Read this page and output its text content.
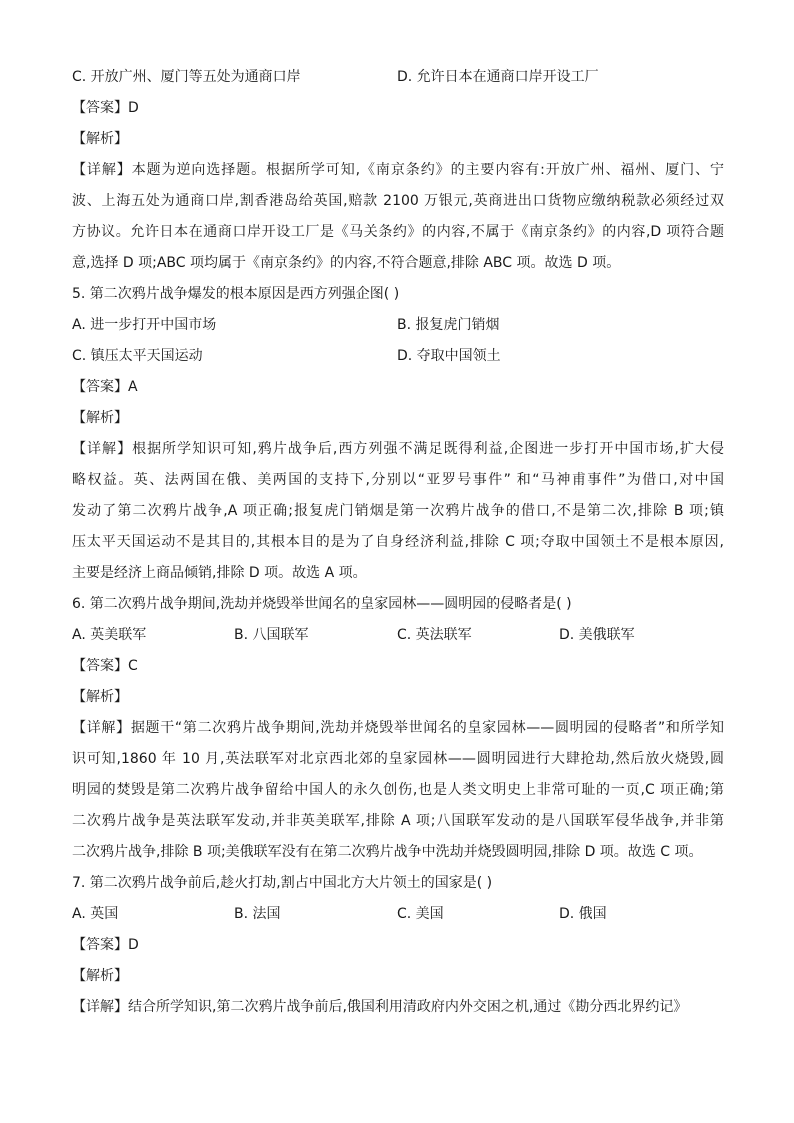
C. 开放广州、厦门等五处为通商口岸	D. 允许日本在通商口岸开设工厂
【答案】D
【解析】
【详解】本题为逆向选择题。根据所学可知,《南京条约》的主要内容有:开放广州、福州、厦门、宁
波、上海五处为通商口岸,割香港岛给英国,赔款 2100 万银元,英商进出口货物应缴纳税款必须经过双
方协议。允许日本在通商口岸开设工厂是《马关条约》的内容,不属于《南京条约》的内容,D 项符合题
意,选择 D 项;ABC 项均属于《南京条约》的内容,不符合题意,排除 ABC 项。故选 D 项。
5. 第二次鸦片战争爆发的根本原因是西方列强企图( )
A. 进一步打开中国市场	B. 报复虎门销烟
C. 镇压太平天国运动	D. 夺取中国领土
【答案】A
【解析】
【详解】根据所学知识可知,鸦片战争后,西方列强不满足既得利益,企图进一步打开中国市场,扩大侵
略权益。英、法两国在俄、美两国的支持下,分别以“亚罗号事件” 和“马神甫事件”为借口,对中国
发动了第二次鸦片战争,A 项正确;报复虎门销烟是第一次鸦片战争的借口,不是第二次,排除 B 项;镇
压太平天国运动不是其目的,其根本目的是为了自身经济利益,排除 C 项;夺取中国领土不是根本原因,
主要是经济上商品倾销,排除 D 项。故选 A 项。
6. 第二次鸦片战争期间,洗劫并烧毁举世闻名的皇家园林——圆明园的侵略者是( )
A. 英美联军	B. 八国联军	C. 英法联军	D. 美俄联军
【答案】C
【解析】
【详解】据题干“第二次鸦片战争期间,洗劫并烧毁举世闻名的皇家园林——圆明园的侵略者”和所学知
识可知,1860 年 10 月,英法联军对北京西北郊的皇家园林——圆明园进行大肆抢劫,然后放火烧毁,圆
明园的焚毁是第二次鸦片战争留给中国人的永久创伤,也是人类文明史上非常可耻的一页,C 项正确;第
二次鸦片战争是英法联军发动,并非英美联军,排除 A 项;八国联军发动的是八国联军侵华战争,并非第
二次鸦片战争,排除 B 项;美俄联军没有在第二次鸦片战争中洗劫并烧毁圆明园,排除 D 项。故选 C 项。
7. 第二次鸦片战争前后,趁火打劫,割占中国北方大片领土的国家是( )
A. 英国	B. 法国	C. 美国	D. 俄国
【答案】D
【解析】
【详解】结合所学知识,第二次鸦片战争前后,俄国利用清政府内外交困之机,通过《勘分西北界约记》
